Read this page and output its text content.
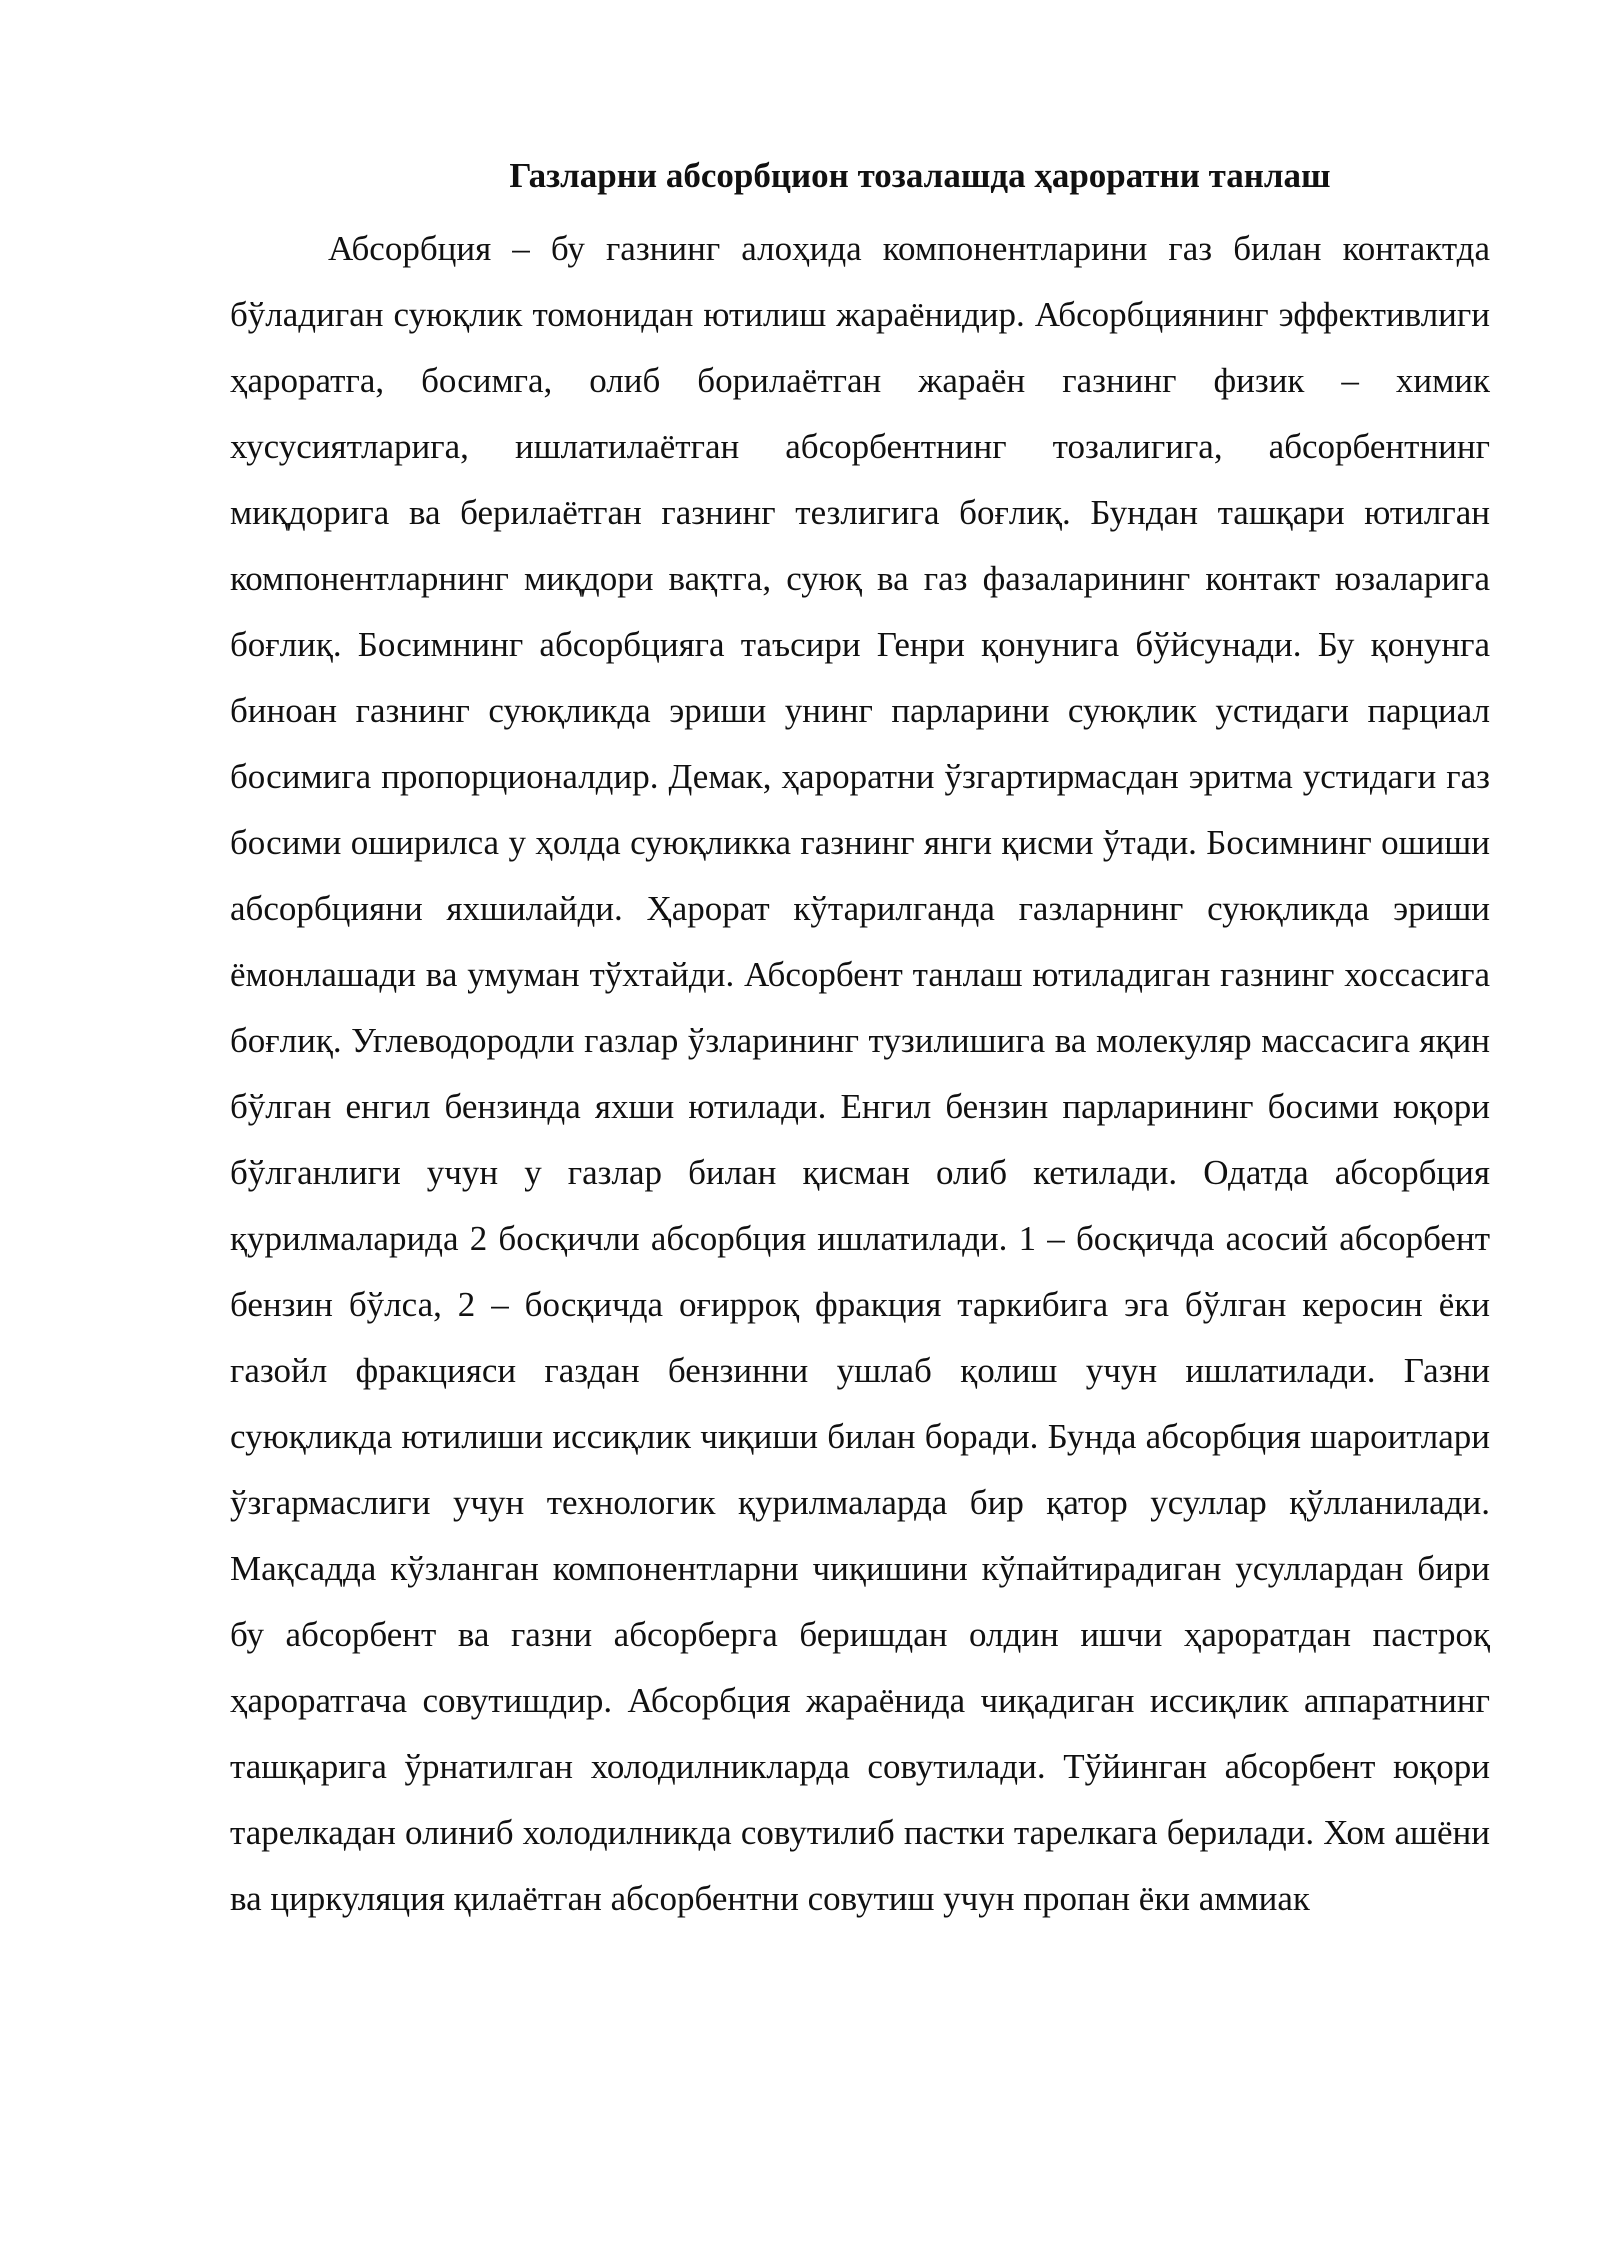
Газларни абсорбцион тозалашда ҳароратни танлаш

Абсорбция – бу газнинг алоҳида компонентларини газ билан контактда бўладиган суюқлик томонидан ютилиш жараёнидир. Абсорбциянинг эффективлиги ҳароратга, босимга, олиб борилаётган жараён газнинг физик – химик хусусиятларига, ишлатилаётган абсорбентнинг тозалигига, абсорбентнинг миқдорига ва берилаётган газнинг тезлигига боғлиқ. Бундан ташқари ютилган компонентларнинг миқдори вақтга, суюқ ва газ фазаларининг контакт юзаларига боғлиқ. Босимнинг абсорбцияга таъсири Генри қонунига бўйсунади. Бу қонунга биноан газнинг суюқликда эриши унинг парларини суюқлик устидаги парциал босимига пропорционалдир. Демак, ҳароратни ўзгартирмасдан эритма устидаги газ босими оширилса у ҳолда суюқликка газнинг янги қисми ўтади. Босимнинг ошиши абсорбцияни яхшилайди. Ҳарорат кўтарилганда газларнинг суюқликда эриши ёмонлашади ва умуман тўхтайди. Абсорбент танлаш ютиладиган газнинг хоссасига боғлиқ. Углеводородли газлар ўзларининг тузилишига ва молекуляр массасига яқин бўлган енгил бензинда яхши ютилади. Енгил бензин парларининг босими юқори бўлганлиги учун у газлар билан қисман олиб кетилади. Одатда абсорбция қурилмаларида 2 босқичли абсорбция ишлатилади. 1 – босқичда асосий абсорбент бензин бўлса, 2 – босқичда оғирроқ фракция таркибига эга бўлган керосин ёки газойл фракцияси газдан бензинни ушлаб қолиш учун ишлатилади. Газни суюқликда ютилиши иссиқлик чиқиши билан боради. Бунда абсорбция шароитлари ўзгармаслиги учун технологик қурилмаларда бир қатор усуллар қўлланилади. Мақсадда кўзланган компонентларни чиқишини кўпайтирадиган усуллардан бири бу абсорбент ва газни абсорберга беришдан олдин ишчи ҳароратдан пастроқ ҳароратгача совутишдир. Абсорбция жараёнида чиқадиган иссиқлик аппаратнинг ташқарига ўрнатилган холодилникларда совутилади. Тўйинган абсорбент юқори тарелкадан олиниб холодилникда совутилиб пастки тарелкага берилади. Хом ашёни ва циркуляция қилаётган абсорбентни совутиш учун пропан ёки аммиак
